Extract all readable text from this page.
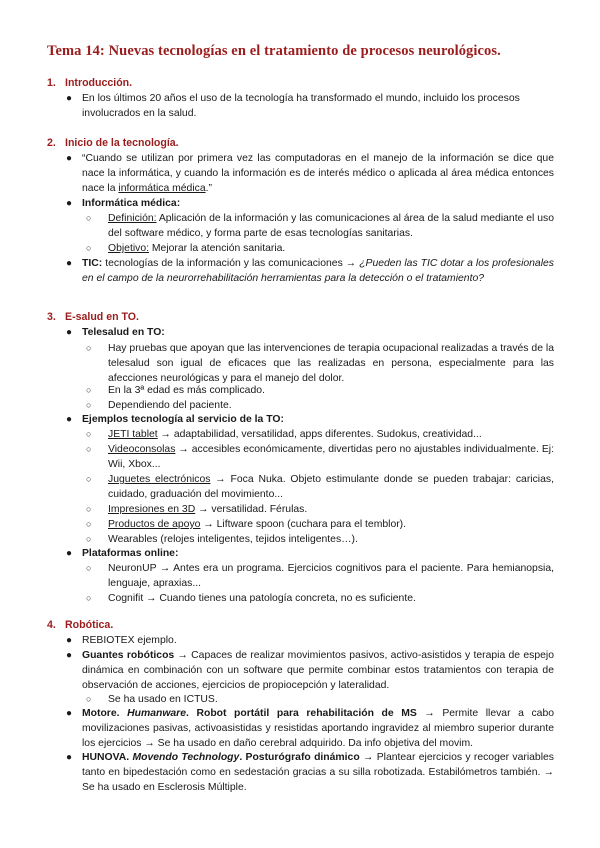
Tema 14: Nuevas tecnologías en el tratamiento de procesos neurológicos.
1. Introducción.
● En los últimos 20 años el uso de la tecnología ha transformado el mundo, incluido los procesos involucrados en la salud.
2. Inicio de la tecnología.
● “Cuando se utilizan por primera vez las computadoras en el manejo de la información se dice que nace la informática, y cuando la información es de interés médico o aplicada al área médica entonces nace la informática médica.”
● Informática médica:
○ Definición: Aplicación de la información y las comunicaciones al área de la salud mediante el uso del software médico, y forma parte de esas tecnologías sanitarias.
○ Objetivo: Mejorar la atención sanitaria.
● TIC: tecnologías de la información y las comunicaciones → ¿Pueden las TIC dotar a los profesionales en el campo de la neurorrehabilitación herramientas para la detección o el tratamiento?
3. E-salud en TO.
● Telesalud en TO:
○ Hay pruebas que apoyan que las intervenciones de terapia ocupacional realizadas a través de la telesalud son igual de eficaces que las realizadas en persona, especialmente para las afecciones neurológicas y para el manejo del dolor.
○ En la 3ª edad es más complicado.
○ Dependiendo del paciente.
● Ejemplos tecnología al servicio de la TO:
○ JETI tablet → adaptabilidad, versatilidad, apps diferentes. Sudokus, creatividad...
○ Videoconsolas → accesibles económicamente, divertidas pero no ajustables individualmente. Ej: Wii, Xbox...
○ Juguetes electrónicos → Foca Nuka. Objeto estimulante donde se pueden trabajar: caricias, cuidado, graduación del movimiento...
○ Impresiones en 3D → versatilidad. Férulas.
○ Productos de apoyo → Liftware spoon (cuchara para el temblor).
○ Wearables (relojes inteligentes, tejidos inteligentes…).
● Plataformas online:
○ NeuronUP → Antes era un programa. Ejercicios cognitivos para el paciente. Para hemianopsia, lenguaje, apraxias...
○ Cognifit → Cuando tienes una patología concreta, no es suficiente.
4. Robótica.
● REBIOTEX ejemplo.
● Guantes robóticos → Capaces de realizar movimientos pasivos, activo-asistidos y terapia de espejo dinámica en combinación con un software que permite combinar estos tratamientos con terapia de observación de acciones, ejercicios de propiocepción y lateralidad.
○ Se ha usado en ICTUS.
● Motore. Humanware. Robot portátil para rehabilitación de MS → Permite llevar a cabo movilizaciones pasivas, activoasistidas y resistidas aportando ingravidez al miembro superior durante los ejercicios → Se ha usado en daño cerebral adquirido. Da info objetiva del movim.
● HUNOVA. Movendo Technology. Posturógrafo dinámico → Plantear ejercicios y recoger variables tanto en bipedestación como en sedestación gracias a su silla robotizada. Estabilómetros también. → Se ha usado en Esclerosis Múltiple.
